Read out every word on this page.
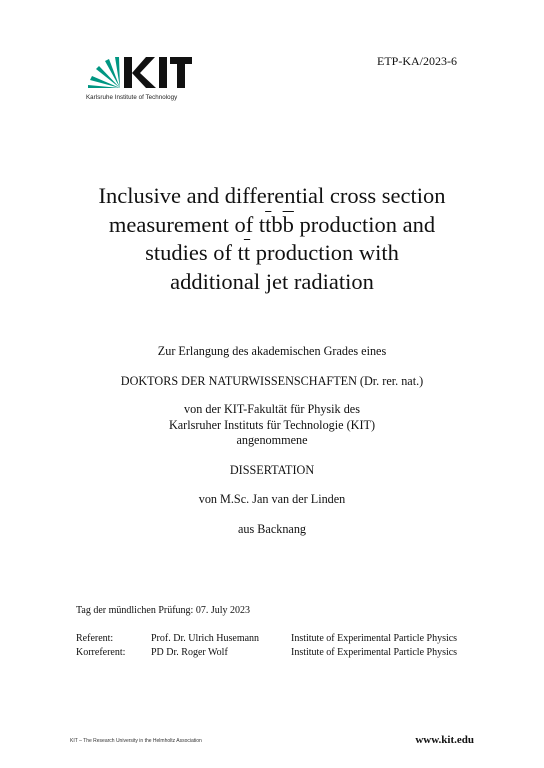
KIT
Karlsruhe Institute of Technology
ETP-KA/2023-6
Inclusive and differential cross section
measurement of $t\overline{t}b\overline{b}$ production and
studies of $t\overline{t}$ production with
additional jet radiation
Zur Erlangung des akademischen Grades eines
DOKTORS DER NATURWISSENSCHAFTEN (Dr. rer. nat.)
von der KIT-Fakultät für Physik des
Karlsruher Instituts für Technologie (KIT)
angenommene
DISSERTATION
von M.Sc. Jan van der Linden
aus Backnang
Tag der mündlichen Prüfung: 07. July 2023
Referent:	Prof. Dr. Ulrich Husemann	Institute of Experimental Particle Physics
Korreferent:	PD Dr. Roger Wolf	Institute of Experimental Particle Physics
KIT – The Research University in the Helmholtz Association	www.kit.edu
